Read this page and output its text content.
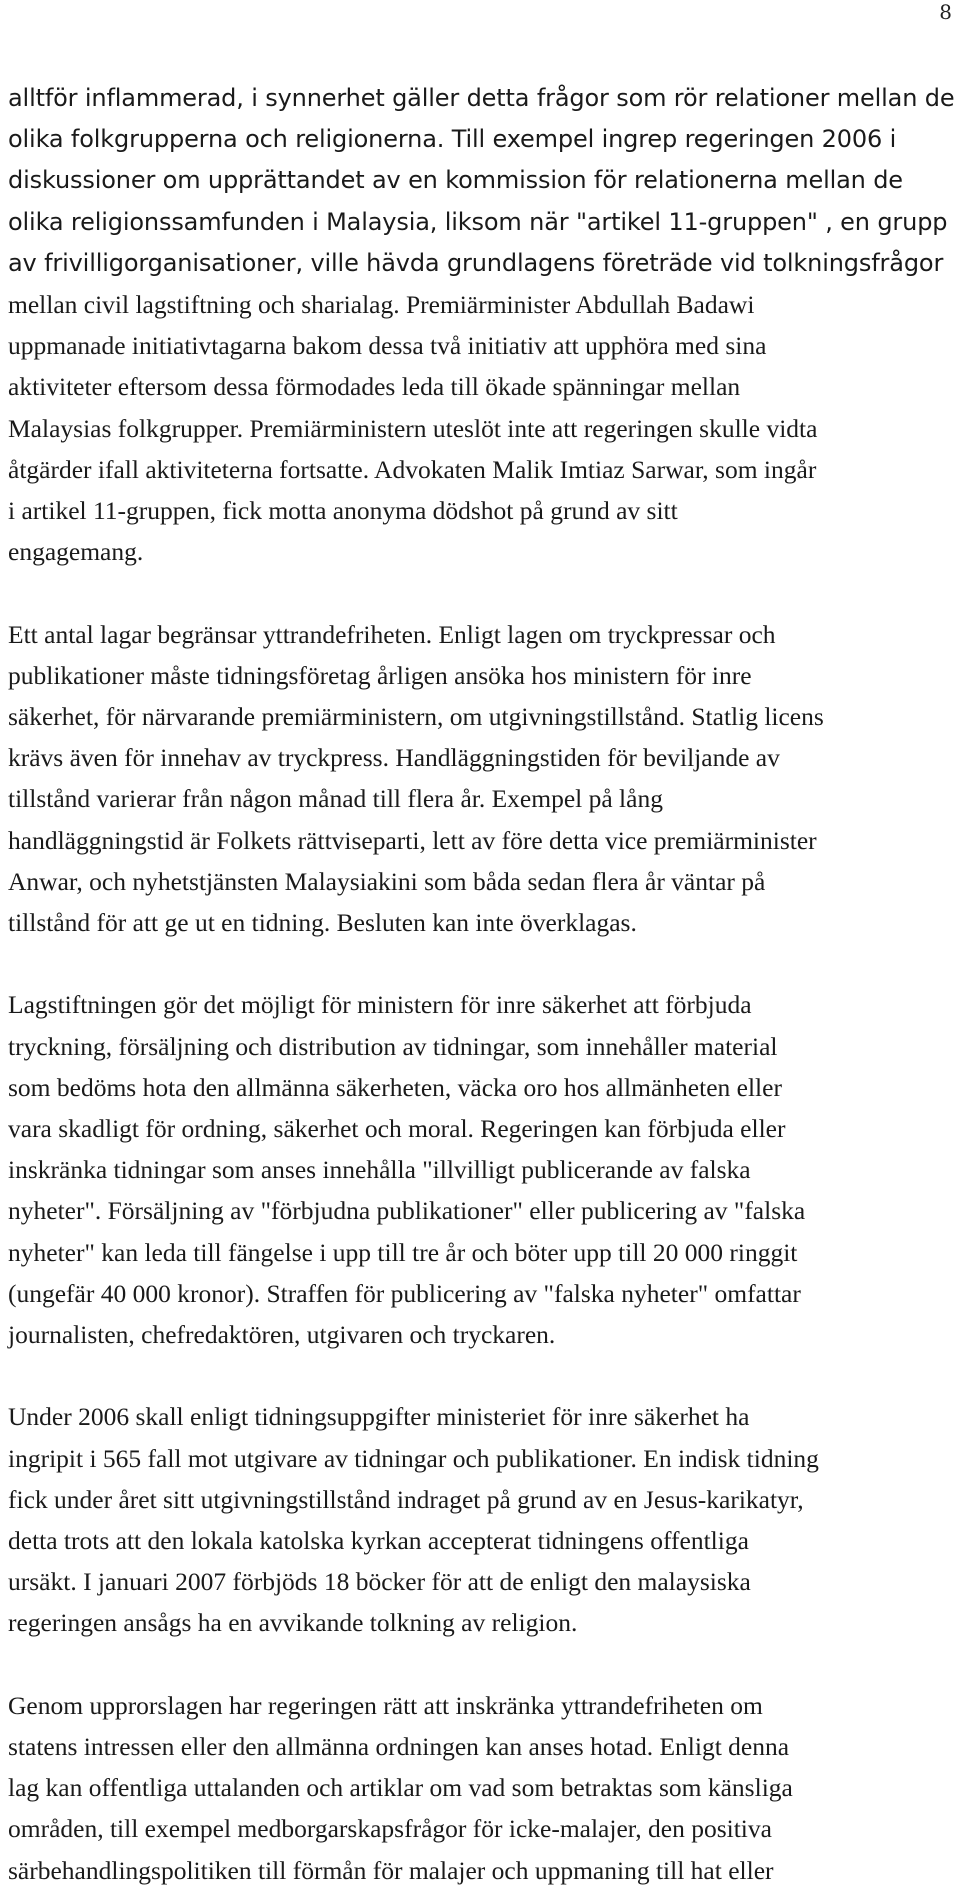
8

alltför inflammerad, i synnerhet gäller detta frågor som rör relationer mellan de
olika folkgrupperna och religionerna. Till exempel ingrep regeringen 2006 i
diskussioner om upprättandet av en kommission för relationerna mellan de
olika religionssamfunden i Malaysia, liksom när "artikel 11-gruppen" , en grupp
av frivilligorganisationer, ville hävda grundlagens företräde vid tolkningsfrågor
mellan civil lagstiftning och sharialag. Premiärminister Abdullah Badawi
uppmanade initiativtagarna bakom dessa två initiativ att upphöra med sina
aktiviteter eftersom dessa förmodades leda till ökade spänningar mellan
Malaysias folkgrupper. Premiärministern uteslöt inte att regeringen skulle vidta
åtgärder ifall aktiviteterna fortsatte. Advokaten Malik Imtiaz Sarwar, som ingår
i artikel 11-gruppen, fick motta anonyma dödshot på grund av sitt
engagemang.

Ett antal lagar begränsar yttrandefriheten. Enligt lagen om tryckpressar och
publikationer måste tidningsföretag årligen ansöka hos ministern för inre
säkerhet, för närvarande premiärministern, om utgivningstillstånd. Statlig licens
krävs även för innehav av tryckpress. Handläggningstiden för beviljande av
tillstånd varierar från någon månad till flera år. Exempel på lång
handläggningstid är Folkets rättviseparti, lett av före detta vice premiärminister
Anwar, och nyhetstjänsten Malaysiakini som båda sedan flera år väntar på
tillstånd för att ge ut en tidning. Besluten kan inte överklagas.

Lagstiftningen gör det möjligt för ministern för inre säkerhet att förbjuda
tryckning, försäljning och distribution av tidningar, som innehåller material
som bedöms hota den allmänna säkerheten, väcka oro hos allmänheten eller
vara skadligt för ordning, säkerhet och moral. Regeringen kan förbjuda eller
inskränka tidningar som anses innehålla "illvilligt publicerande av falska
nyheter". Försäljning av "förbjudna publikationer" eller publicering av "falska
nyheter" kan leda till fängelse i upp till tre år och böter upp till 20 000 ringgit
(ungefär 40 000 kronor). Straffen för publicering av "falska nyheter" omfattar
journalisten, chefredaktören, utgivaren och tryckaren.

Under 2006 skall enligt tidningsuppgifter ministeriet för inre säkerhet ha
ingripit i 565 fall mot utgivare av tidningar och publikationer. En indisk tidning
fick under året sitt utgivningstillstånd indraget på grund av en Jesus-karikatyr,
detta trots att den lokala katolska kyrkan accepterat tidningens offentliga
ursäkt. I januari 2007 förbjöds 18 böcker för att de enligt den malaysiska
regeringen ansågs ha en avvikande tolkning av religion.

Genom upprorslagen har regeringen rätt att inskränka yttrandefriheten om
statens intressen eller den allmänna ordningen kan anses hotad. Enligt denna
lag kan offentliga uttalanden och artiklar om vad som betraktas som känsliga
områden, till exempel medborgarskapsfrågor för icke-malajer, den positiva
särbehandlingspolitiken till förmån för malajer och uppmaning till hat eller
